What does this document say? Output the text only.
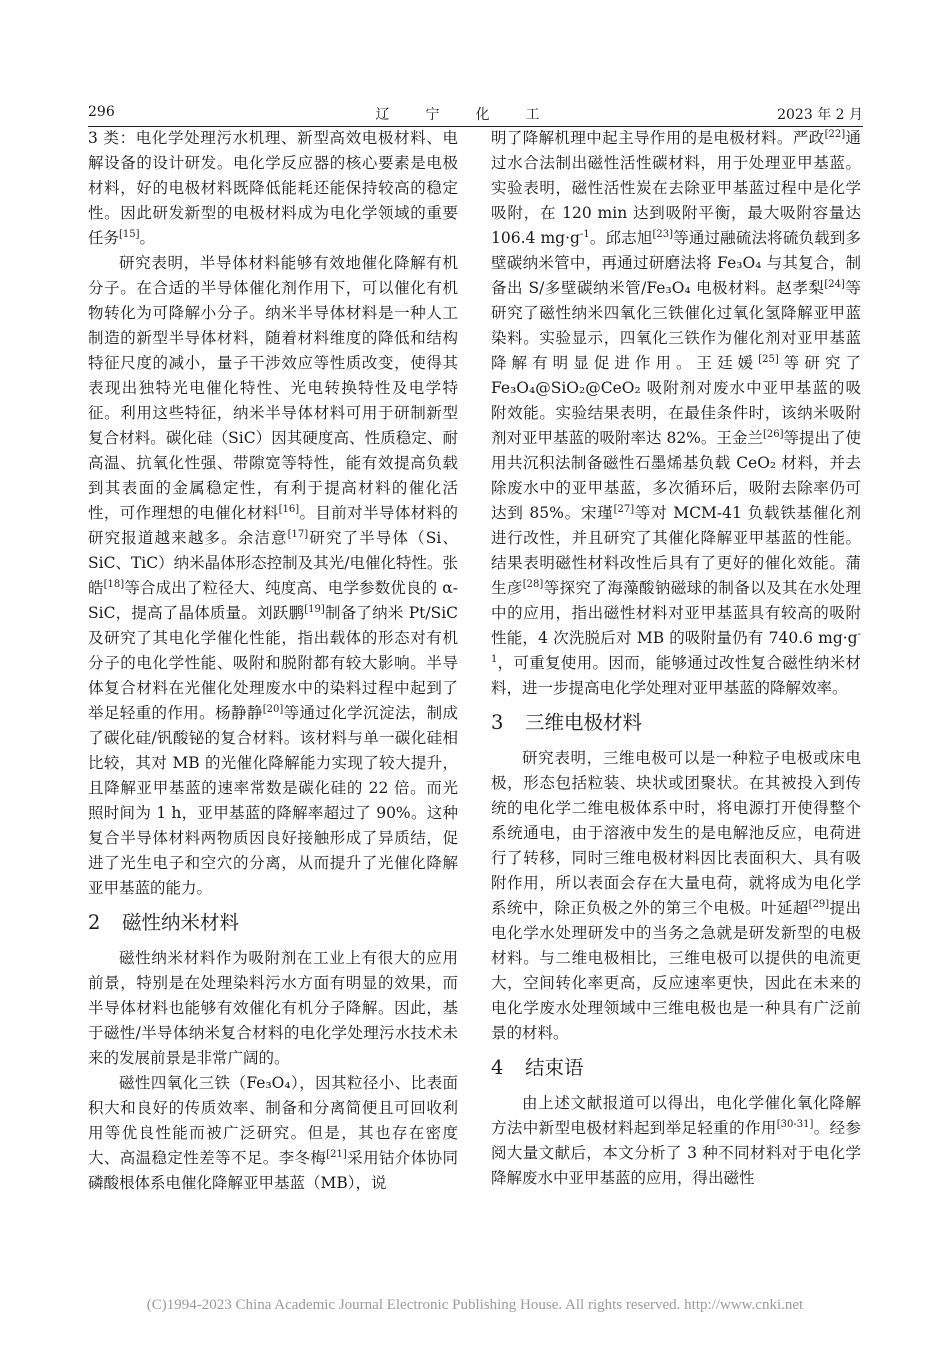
296	辽宁化工	2023 年 2 月

3 类：电化学处理污水机理、新型高效电极材料、电解设备的设计研发。电化学反应器的核心要素是电极材料，好的电极材料既降低能耗还能保持较高的稳定性。因此研发新型的电极材料成为电化学领域的重要任务[15]。

研究表明，半导体材料能够有效地催化降解有机分子。在合适的半导体催化剂作用下，可以催化有机物转化为可降解小分子。纳米半导体材料是一种人工制造的新型半导体材料，随着材料维度的降低和结构特征尺度的减小，量子干涉效应等性质改变，使得其表现出独特光电催化特性、光电转换特性及电学特征。利用这些特征，纳米半导体材料可用于研制新型复合材料。碳化硅（SiC）因其硬度高、性质稳定、耐高温、抗氧化性强、带隙宽等特性，能有效提高负载到其表面的金属稳定性，有利于提高材料的催化活性，可作理想的电催化材料[16]。目前对半导体材料的研究报道越来越多。余洁意[17]研究了半导体（Si、SiC、TiC）纳米晶体形态控制及其光/电催化特性。张皓[18]等合成出了粒径大、纯度高、电学参数优良的 α-SiC，提高了晶体质量。刘跃鹏[19]制备了纳米 Pt/SiC 及研究了其电化学催化性能，指出载体的形态对有机分子的电化学性能、吸附和脱附都有较大影响。半导体复合材料在光催化处理废水中的染料过程中起到了举足轻重的作用。杨静静[20]等通过化学沉淀法，制成了碳化硅/钒酸铋的复合材料。该材料与单一碳化硅相比较，其对 MB 的光催化降解能力实现了较大提升，且降解亚甲基蓝的速率常数是碳化硅的 22 倍。而光照时间为 1 h，亚甲基蓝的降解率超过了 90%。这种复合半导体材料两物质因良好接触形成了异质结，促进了光生电子和空穴的分离，从而提升了光催化降解亚甲基蓝的能力。

2 磁性纳米材料

磁性纳米材料作为吸附剂在工业上有很大的应用前景，特别是在处理染料污水方面有明显的效果，而半导体材料也能够有效催化有机分子降解。因此，基于磁性/半导体纳米复合材料的电化学处理污水技术未来的发展前景是非常广阔的。

磁性四氧化三铁（Fe₃O₄），因其粒径小、比表面积大和良好的传质效率、制备和分离简便且可回收利用等优良性能而被广泛研究。但是，其也存在密度大、高温稳定性差等不足。李冬梅[21]采用钴介体协同磷酸根体系电催化降解亚甲基蓝（MB），说

明了降解机理中起主导作用的是电极材料。严政[22]通过水合法制出磁性活性碳材料，用于处理亚甲基蓝。实验表明，磁性活性炭在去除亚甲基蓝过程中是化学吸附，在 120 min 达到吸附平衡，最大吸附容量达 106.4 $mg\cdot g^{-1}$。邱志旭[23]等通过融硫法将硫负载到多壁碳纳米管中，再通过研磨法将 Fe₃O₄ 与其复合，制备出 S/多壁碳纳米管/Fe₃O₄ 电极材料。赵孝梨[24]等研究了磁性纳米四氧化三铁催化过氧化氢降解亚甲蓝染料。实验显示，四氧化三铁作为催化剂对亚甲基蓝降解有明显促进作用。王廷媛[25]等研究了 Fe₃O₄@SiO₂@CeO₂ 吸附剂对废水中亚甲基蓝的吸附效能。实验结果表明，在最佳条件时，该纳米吸附剂对亚甲基蓝的吸附率达 82%。王金兰[26]等提出了使用共沉积法制备磁性石墨烯基负载 CeO₂ 材料，并去除废水中的亚甲基蓝，多次循环后，吸附去除率仍可达到 85%。宋瑾[27]等对 MCM-41 负载铁基催化剂进行改性，并且研究了其催化降解亚甲基蓝的性能。结果表明磁性材料改性后具有了更好的催化效能。蒲生彦[28]等探究了海藻酸钠磁球的制备以及其在水处理中的应用，指出磁性材料对亚甲基蓝具有较高的吸附性能，4 次洗脱后对 MB 的吸附量仍有 740.6 $mg\cdot g^{-1}$，可重复使用。因而，能够通过改性复合磁性纳米材料，进一步提高电化学处理对亚甲基蓝的降解效率。

3 三维电极材料

研究表明，三维电极可以是一种粒子电极或床电极，形态包括粒装、块状或团聚状。在其被投入到传统的电化学二维电极体系中时，将电源打开使得整个系统通电，由于溶液中发生的是电解池反应，电荷进行了转移，同时三维电极材料因比表面积大、具有吸附作用，所以表面会存在大量电荷，就将成为电化学系统中，除正负极之外的第三个电极。叶延超[29]提出电化学水处理研发中的当务之急就是研发新型的电极材料。与二维电极相比，三维电极可以提供的电流更大，空间转化率更高，反应速率更快，因此在未来的电化学废水处理领域中三维电极也是一种具有广泛前景的材料。

4 结束语

由上述文献报道可以得出，电化学催化氧化降解方法中新型电极材料起到举足轻重的作用[30-31]。经参阅大量文献后，本文分析了 3 种不同材料对于电化学降解废水中亚甲基蓝的应用，得出磁性

(C)1994-2023 China Academic Journal Electronic Publishing House. All rights reserved. http://www.cnki.net
